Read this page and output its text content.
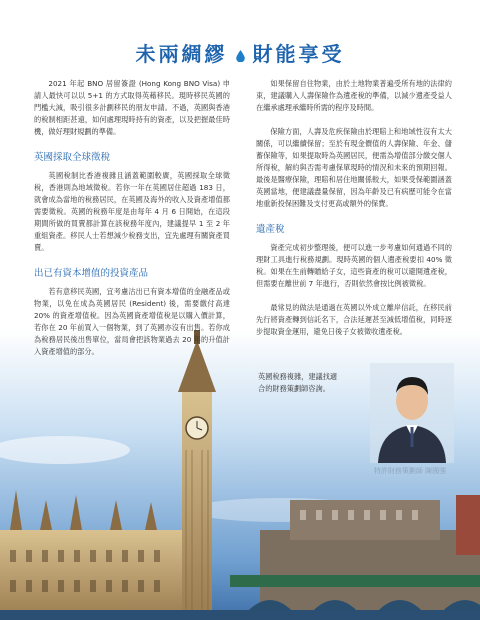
未兩綢繆 財能享受

2021 年起 BNO 居留簽證 (Hong Kong BNO Visa) 申請人最快可以以 5+1 的方式取得英藉移民。現時移民英國的門檻大減，吸引很多計劃移民的朋友申請。不過，英國與香港的稅制相距甚遠，如何處理現時持有的資產，以及把握最佳時機，做好理財規劃的準備。

英國採取全球徵稅

英國稅制比香港複雜且涵蓋範圍較廣，英國採取全球徵稅，香港則為地域徵稅。若你一年在英國居住超過 183 日，就會成為當地的稅務居民，在英國及海外的收入及資產增值都需要徵稅。英國的稅務年度是由每年 4 月 6 日開始，在這段期間所做的買賣都計算在該稅務年度內，建議提早 1 至 2 年重組資產。移民人士若想減少稅務支出，宜先處理有關資產買賣。

出已有資本增值的投資產品

若有意移民英國，宜考慮沽出已有資本增值的金融產品或物業，以免在成為英國居民 (Resident) 後，需要繳付高達 20% 的資產增值稅。因為英國資產增值稅是以購入價計算，若你在 20 年前買入一個物業，到了英國亦沒有出售。若你成為稅務居民後出售單位，當局會把該物業過去 20 年的升值計入資產增值的部分。

如果保留自住物業，由於土地物業普遍受所有地的法律約束，建議購入人壽保險作為遺產稅的準備，以減少遺產受益人在繼承處理承繼時所需的程序及時間。

保險方面，人壽及危疾保險由於理賠上和地域性沒有太大關係，可以繼續保留；至於有現金價值的人壽保險、年金、儲蓄保險等，如果提取時為英國居民，便需為增值部分繳交個人所得稅，解約與否需考慮保單現時的情況和未來的預期回報。最後是醫療保險，理賠和居住地關係較大，如果受保範圍涵蓋英國當地，便建議盡量保留，因為年齡及已有病歷可能令在當地重新投保困難及支付更高或額外的保費。

遺產稅

資產完成初步整理後，便可以進一步考慮如何通過不同的理財工具進行稅務規劃。現時英國的個人遺產稅要扣 40% 徵稅。如果在生前轉贈給子女，這些資產的稅可以避開遺產稅，但需要在離世前 7 年進行，否則依然會按比例被徵稅。

最常見的做法是通過在英國以外成立離岸信託，在移民前先行將資產轉到信託名下，合法延遲甚至減低增值稅，同時逐步提取資金運用，避免日後子女被徵收遺產稅。

英國稅務複雜，建議找適合的財務策劃師咨詢。
特許財務策劃師 陳國強
